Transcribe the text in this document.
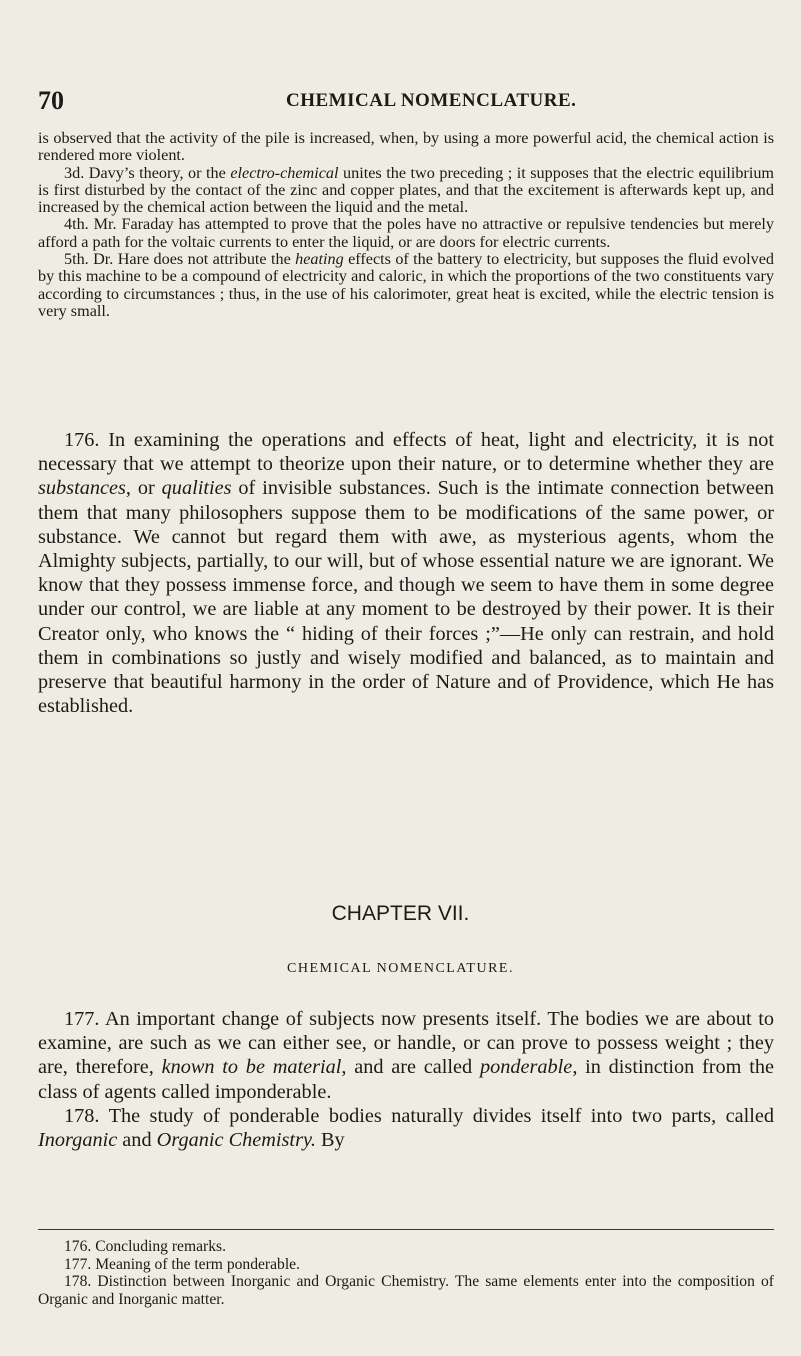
70	CHEMICAL NOMENCLATURE.

is observed that the activity of the pile is increased, when, by using a more powerful acid, the chemical action is rendered more violent.

3d. Davy’s theory, or the electro-chemical unites the two preceding ; it supposes that the electric equilibrium is first disturbed by the contact of the zinc and copper plates, and that the excitement is afterwards kept up, and increased by the chemical action between the liquid and the metal.

4th. Mr. Faraday has attempted to prove that the poles have no attractive or repulsive tendencies but merely afford a path for the voltaic currents to enter the liquid, or are doors for electric currents.

5th. Dr. Hare does not attribute the heating effects of the battery to electricity, but supposes the fluid evolved by this machine to be a compound of electricity and caloric, in which the proportions of the two constituents vary according to circumstances ; thus, in the use of his calorimoter, great heat is excited, while the electric tension is very small.

176. In examining the operations and effects of heat, light and electricity, it is not necessary that we attempt to theorize upon their nature, or to determine whether they are substances, or qualities of invisible substances. Such is the intimate connection between them that many philosophers suppose them to be modifications of the same power, or substance. We cannot but regard them with awe, as mysterious agents, whom the Almighty subjects, partially, to our will, but of whose essential nature we are ignorant. We know that they possess immense force, and though we seem to have them in some degree under our control, we are liable at any moment to be destroyed by their power. It is their Creator only, who knows the “ hiding of their forces ;”—He only can restrain, and hold them in combinations so justly and wisely modified and balanced, as to maintain and preserve that beautiful harmony in the order of Nature and of Providence, which He has established.

CHAPTER VII.
CHEMICAL NOMENCLATURE.

177. An important change of subjects now presents itself. The bodies we are about to examine, are such as we can either see, or handle, or can prove to possess weight ; they are, therefore, known to be material, and are called ponderable, in distinction from the class of agents called imponderable.

178. The study of ponderable bodies naturally divides itself into two parts, called Inorganic and Organic Chemistry. By

176. Concluding remarks.

177. Meaning of the term ponderable.

178. Distinction between Inorganic and Organic Chemistry. The same elements enter into the composition of Organic and Inorganic matter.
